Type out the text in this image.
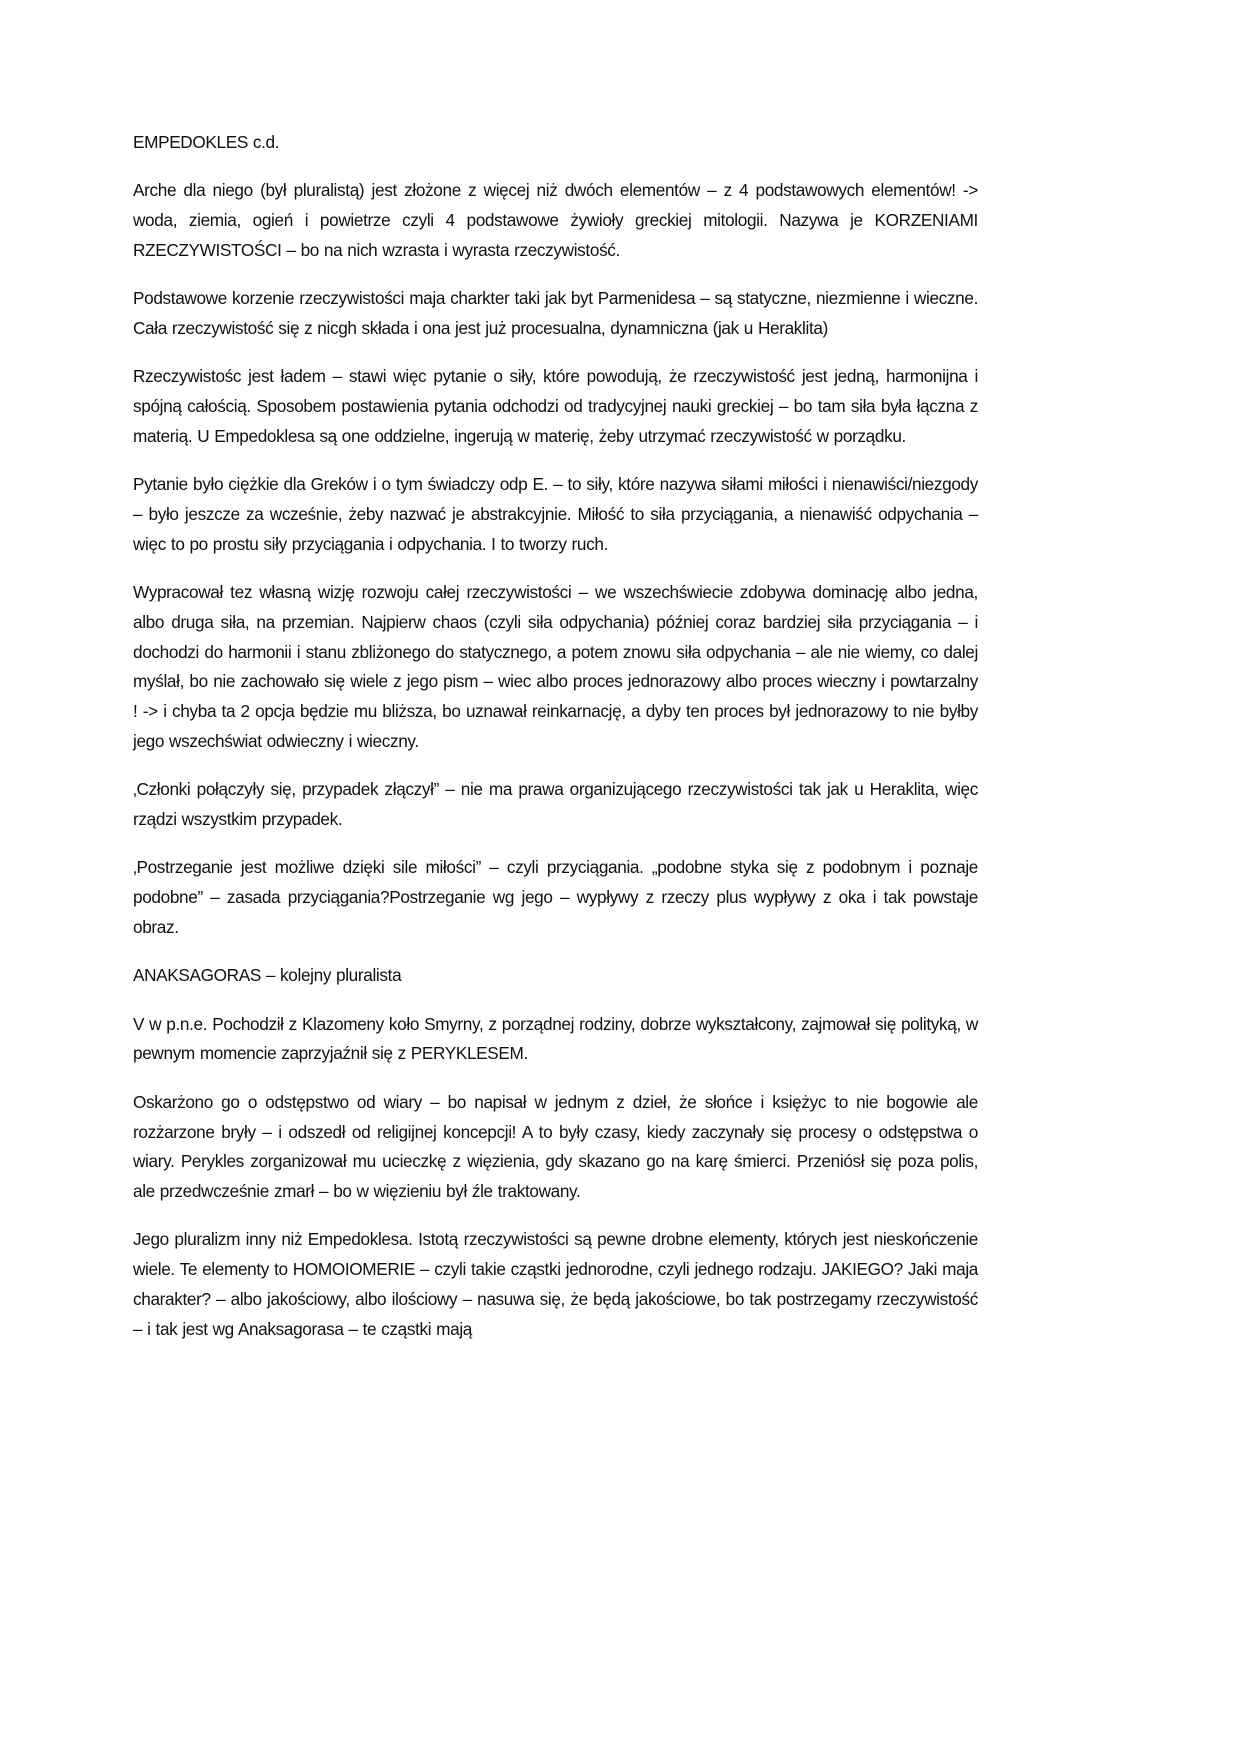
EMPEDOKLES c.d.

Arche dla niego (był pluralistą) jest złożone z więcej niż dwóch elementów – z 4 podstawowych elementów! -> woda, ziemia, ogień i powietrze czyli 4 podstawowe żywioły greckiej mitologii. Nazywa je KORZENIAMI RZECZYWISTOŚCI – bo na nich wzrasta i wyrasta rzeczywistość.

Podstawowe korzenie rzeczywistości maja charkter taki jak byt Parmenidesa – są statyczne, niezmienne i wieczne. Cała rzeczywistość się z nicgh składa i ona jest już procesualna, dynamniczna (jak u Heraklita)

Rzeczywistośc jest ładem – stawi więc pytanie o siły, które powodują, że rzeczywistość jest jedną, harmonijna i spójną całością. Sposobem postawienia pytania odchodzi od tradycyjnej nauki greckiej – bo tam siła była łączna z materią. U Empedoklesa są one oddzielne, ingerują w materię, żeby utrzymać rzeczywistość w porządku.

Pytanie było ciężkie dla Greków i o tym świadczy odp E. – to siły, które nazywa siłami miłości i nienawiści/niezgody – było jeszcze za wcześnie, żeby nazwać je abstrakcyjnie. Miłość to siła przyciągania, a nienawiść odpychania – więc to po prostu siły przyciągania i odpychania. I to tworzy ruch.

Wypracował tez własną wizję rozwoju całej rzeczywistości – we wszechświecie zdobywa dominację albo jedna, albo druga siła, na przemian. Najpierw chaos (czyli siła odpychania) później coraz bardziej siła przyciągania – i dochodzi do harmonii i stanu zbliżonego do statycznego, a potem znowu siła odpychania – ale nie wiemy, co dalej myślał, bo nie zachowało się wiele z jego pism – wiec albo proces jednorazowy albo proces wieczny i powtarzalny ! -> i chyba ta 2 opcja będzie mu bliższa, bo uznawał reinkarnację, a dyby ten proces był jednorazowy to nie byłby jego wszechświat odwieczny i wieczny.

‚Członki połączyły się, przypadek złączył” – nie ma prawa organizującego rzeczywistości tak jak u Heraklita, więc rządzi wszystkim przypadek.

‚Postrzeganie jest możliwe dzięki sile miłości” – czyli przyciągania. „podobne styka się z podobnym i poznaje podobne” – zasada przyciągania?Postrzeganie wg jego – wypływy z rzeczy plus wypływy z oka i tak powstaje obraz.

ANAKSAGORAS – kolejny pluralista

V w p.n.e. Pochodził z Klazomeny koło Smyrny, z porządnej rodziny, dobrze wykształcony, zajmował się polityką, w pewnym momencie zaprzyjaźnił się z PERYKLESEM.

Oskarżono go o odstępstwo od wiary – bo napisał w jednym z dzieł, że słońce i księżyc to nie bogowie ale rozżarzone bryły – i odszedł od religijnej koncepcji! A to były czasy, kiedy zaczynały się procesy o odstępstwa o wiary. Perykles zorganizował mu ucieczkę z więzienia, gdy skazano go na karę śmierci. Przeniósł się poza polis, ale przedwcześnie zmarł – bo w więzieniu był źle traktowany.

Jego pluralizm inny niż Empedoklesa. Istotą rzeczywistości są pewne drobne elementy, których jest nieskończenie wiele. Te elementy to HOMOIOMERIE – czyli takie cząstki jednorodne, czyli jednego rodzaju. JAKIEGO? Jaki maja charakter? – albo jakościowy, albo ilościowy – nasuwa się, że będą jakościowe, bo tak postrzegamy rzeczywistość – i tak jest wg Anaksagorasa – te cząstki mają
